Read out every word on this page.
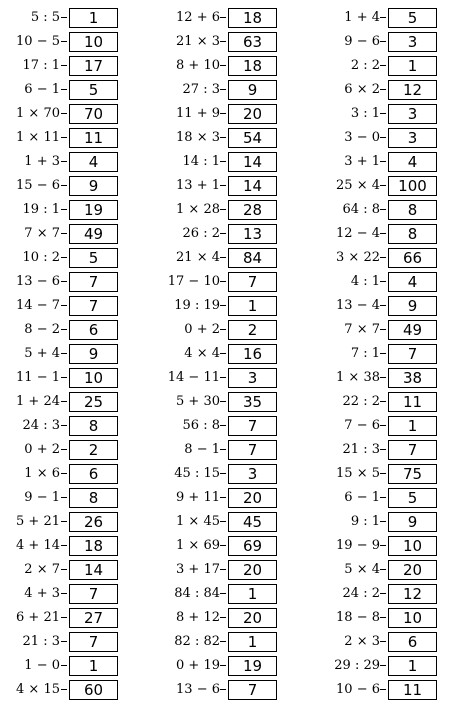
5 : 5	1
10 − 5	10
17 : 1	17
6 − 1	5
1 × 70	70
1 × 11	11
1 + 3	4
15 − 6	9
19 : 1	19
7 × 7	49
10 : 2	5
13 − 6	7
14 − 7	7
8 − 2	6
5 + 4	9
11 − 1	10
1 + 24	25
24 : 3	8
0 + 2	2
1 × 6	6
9 − 1	8
5 + 21	26
4 + 14	18
2 × 7	14
4 + 3	7
6 + 21	27
21 : 3	7
1 − 0	1
4 × 15	60
12 + 6	18
21 × 3	63
8 + 10	18
27 : 3	9
11 + 9	20
18 × 3	54
14 : 1	14
13 + 1	14
1 × 28	28
26 : 2	13
21 × 4	84
17 − 10	7
19 : 19	1
0 + 2	2
4 × 4	16
14 − 11	3
5 + 30	35
56 : 8	7
8 − 1	7
45 : 15	3
9 + 11	20
1 × 45	45
1 × 69	69
3 + 17	20
84 : 84	1
8 + 12	20
82 : 82	1
0 + 19	19
13 − 6	7
1 + 4	5
9 − 6	3
2 : 2	1
6 × 2	12
3 : 1	3
3 − 0	3
3 + 1	4
25 × 4	100
64 : 8	8
12 − 4	8
3 × 22	66
4 : 1	4
13 − 4	9
7 × 7	49
7 : 1	7
1 × 38	38
22 : 2	11
7 − 6	1
21 : 3	7
15 × 5	75
6 − 1	5
9 : 1	9
19 − 9	10
5 × 4	20
24 : 2	12
18 − 8	10
2 × 3	6
29 : 29	1
10 − 6	11
